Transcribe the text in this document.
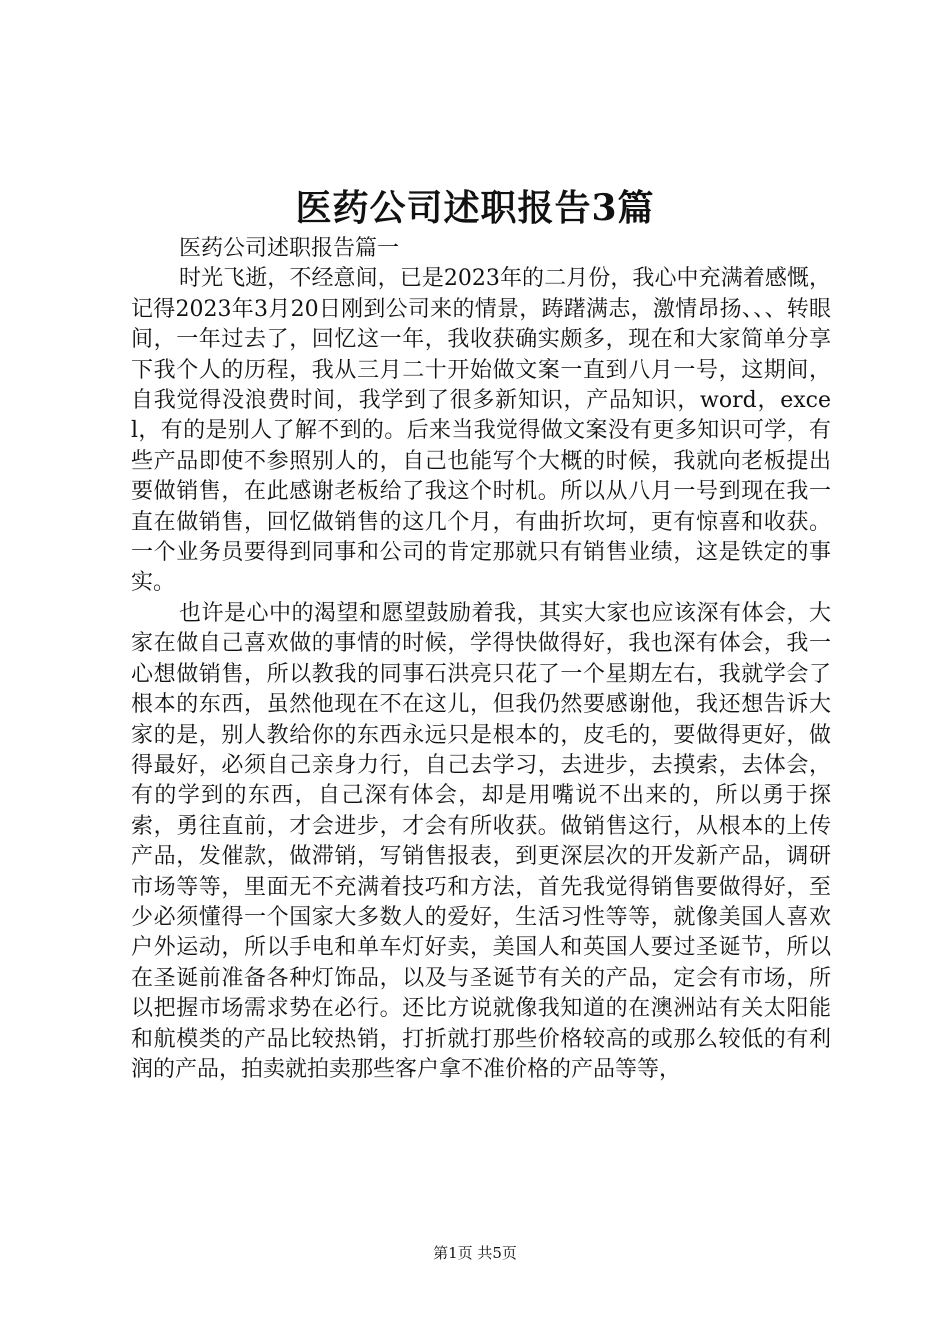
医药公司述职报告3篇

医药公司述职报告篇一

时光飞逝，不经意间，已是2023年的二月份，我心中充满着感慨，记得2023年3月20日刚到公司来的情景，踌躇满志，激情昂扬、、、转眼间，一年过去了，回忆这一年，我收获确实颇多，现在和大家简单分享下我个人的历程，我从三月二十开始做文案一直到八月一号，这期间，自我觉得没浪费时间，我学到了很多新知识，产品知识，word，excel，有的是别人了解不到的。后来当我觉得做文案没有更多知识可学，有些产品即使不参照别人的，自己也能写个大概的时候，我就向老板提出要做销售，在此感谢老板给了我这个时机。所以从八月一号到现在我一直在做销售，回忆做销售的这几个月，有曲折坎坷，更有惊喜和收获。一个业务员要得到同事和公司的肯定那就只有销售业绩，这是铁定的事实。

也许是心中的渴望和愿望鼓励着我，其实大家也应该深有体会，大家在做自己喜欢做的事情的时候，学得快做得好，我也深有体会，我一心想做销售，所以教我的同事石洪亮只花了一个星期左右，我就学会了根本的东西，虽然他现在不在这儿，但我仍然要感谢他，我还想告诉大家的是，别人教给你的东西永远只是根本的，皮毛的，要做得更好，做得最好，必须自己亲身力行，自己去学习，去进步，去摸索，去体会，有的学到的东西，自己深有体会，却是用嘴说不出来的，所以勇于探索，勇往直前，才会进步，才会有所收获。做销售这行，从根本的上传产品，发催款，做滞销，写销售报表，到更深层次的开发新产品，调研市场等等，里面无不充满着技巧和方法，首先我觉得销售要做得好，至少必须懂得一个国家大多数人的爱好，生活习性等等，就像美国人喜欢户外运动，所以手电和单车灯好卖，美国人和英国人要过圣诞节，所以在圣诞前准备各种灯饰品，以及与圣诞节有关的产品，定会有市场，所以把握市场需求势在必行。还比方说就像我知道的在澳洲站有关太阳能和航模类的产品比较热销，打折就打那些价格较高的或那么较低的有利润的产品，拍卖就拍卖那些客户拿不准价格的产品等等，

第1页 共5页
